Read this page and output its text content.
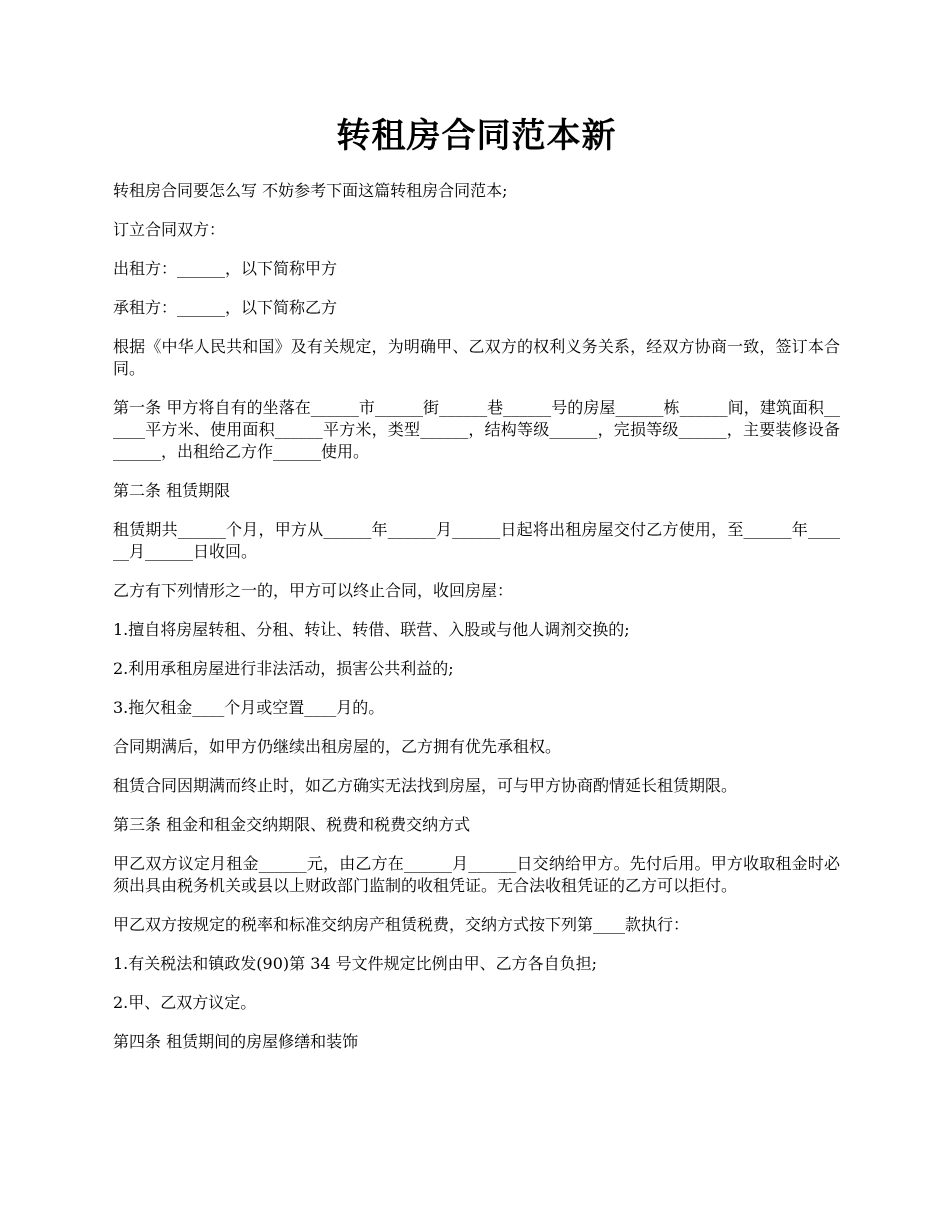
转租房合同范本新

转租房合同要怎么写 不妨参考下面这篇转租房合同范本;

订立合同双方：

出租方：______，以下简称甲方

承租方：______，以下简称乙方

根据《中华人民共和国》及有关规定，为明确甲、乙双方的权利义务关系，经双方协商一致，签订本合同。

第一条 甲方将自有的坐落在______市______街______巷______号的房屋______栋______间，建筑面积______平方米、使用面积______平方米，类型______，结构等级______，完损等级______，主要装修设备______，出租给乙方作______使用。

第二条 租赁期限

租赁期共______个月，甲方从______年______月______日起将出租房屋交付乙方使用，至______年______月______日收回。

乙方有下列情形之一的，甲方可以终止合同，收回房屋：

1.擅自将房屋转租、分租、转让、转借、联营、入股或与他人调剂交换的;

2.利用承租房屋进行非法活动，损害公共利益的;

3.拖欠租金____个月或空置____月的。

合同期满后，如甲方仍继续出租房屋的，乙方拥有优先承租权。

租赁合同因期满而终止时，如乙方确实无法找到房屋，可与甲方协商酌情延长租赁期限。

第三条 租金和租金交纳期限、税费和税费交纳方式

甲乙双方议定月租金______元，由乙方在______月______日交纳给甲方。先付后用。甲方收取租金时必须出具由税务机关或县以上财政部门监制的收租凭证。无合法收租凭证的乙方可以拒付。

甲乙双方按规定的税率和标准交纳房产租赁税费，交纳方式按下列第____款执行：

1.有关税法和镇政发(90)第 34 号文件规定比例由甲、乙方各自负担;

2.甲、乙双方议定。

第四条 租赁期间的房屋修缮和装饰
